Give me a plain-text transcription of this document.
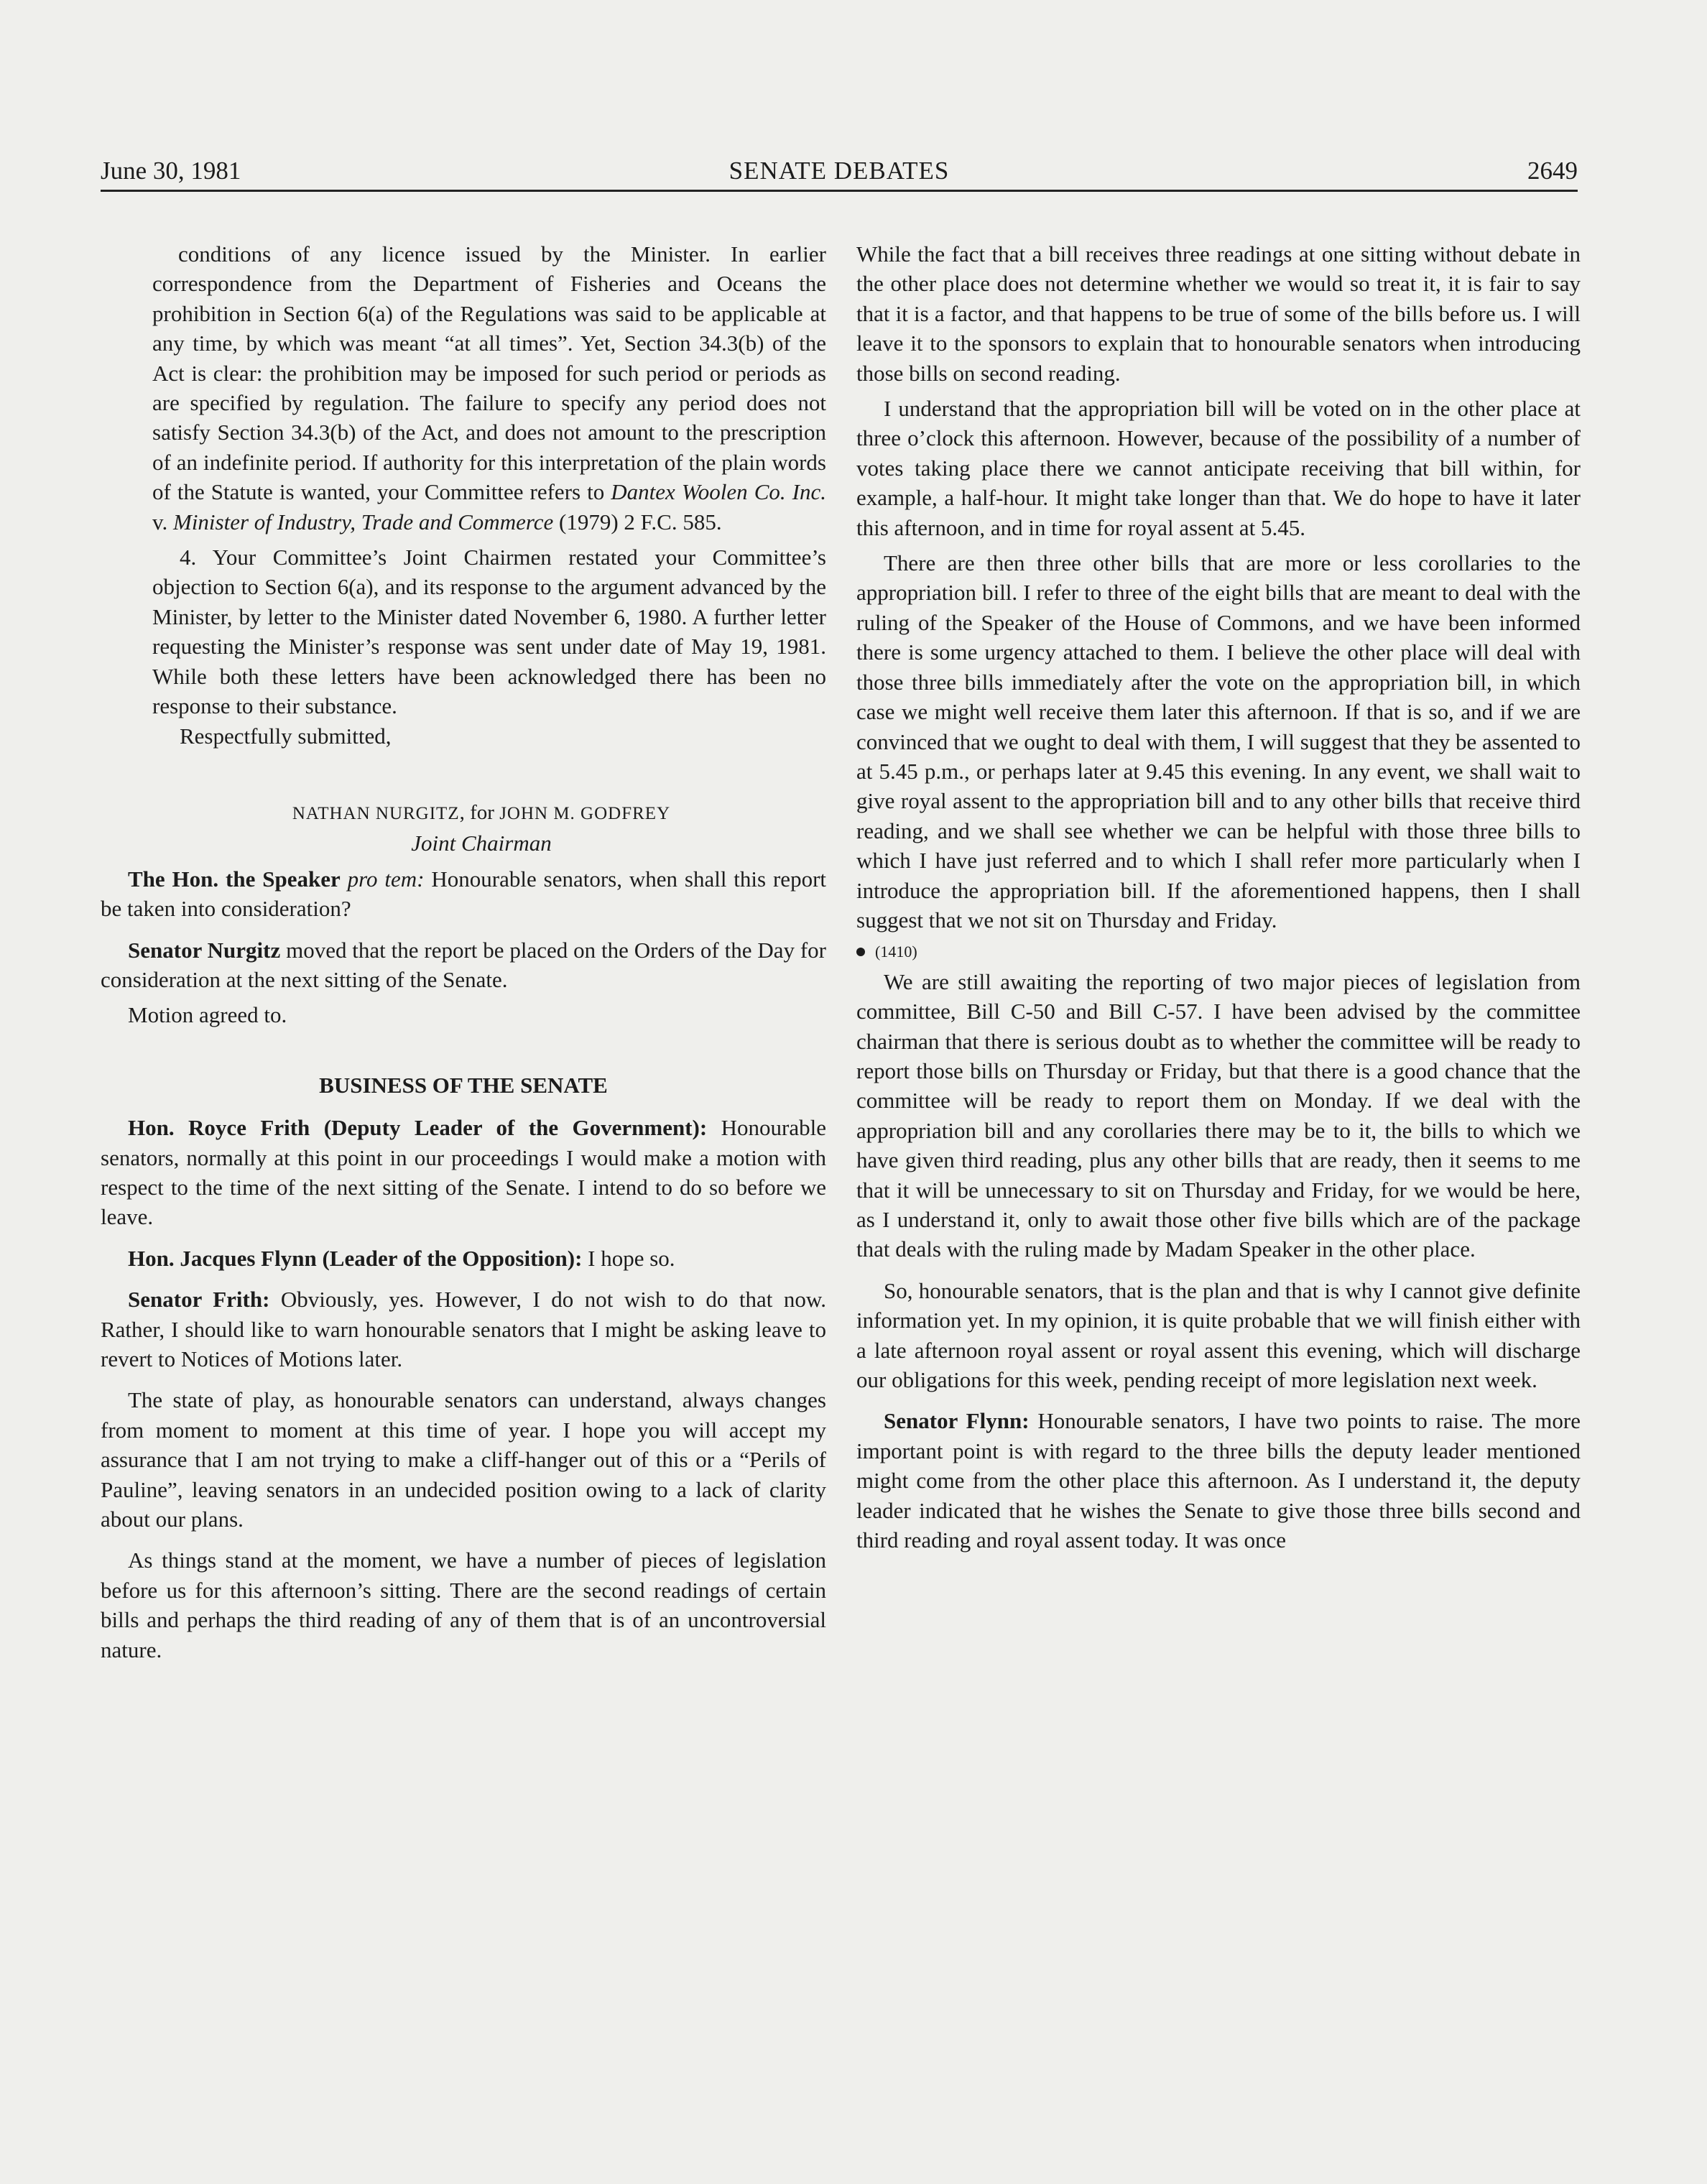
June 30, 1981	SENATE DEBATES	2649

conditions of any licence issued by the Minister. In earlier correspondence from the Department of Fisheries and Oceans the prohibition in Section 6(a) of the Regulations was said to be applicable at any time, by which was meant “at all times”. Yet, Section 34.3(b) of the Act is clear: the prohibition may be imposed for such period or periods as are specified by regulation. The failure to specify any period does not satisfy Section 34.3(b) of the Act, and does not amount to the prescription of an indefinite period. If authority for this interpretation of the plain words of the Statute is wanted, your Committee refers to Dantex Woolen Co. Inc. v. Minister of Industry, Trade and Commerce (1979) 2 F.C. 585.

4. Your Committee’s Joint Chairmen restated your Committee’s objection to Section 6(a), and its response to the argument advanced by the Minister, by letter to the Minister dated November 6, 1980. A further letter requesting the Minister’s response was sent under date of May 19, 1981. While both these letters have been acknowledged there has been no response to their substance.

Respectfully submitted,

NATHAN NURGITZ, for JOHN M. GODFREY
Joint Chairman

The Hon. the Speaker pro tem: Honourable senators, when shall this report be taken into consideration?

Senator Nurgitz moved that the report be placed on the Orders of the Day for consideration at the next sitting of the Senate.

Motion agreed to.

BUSINESS OF THE SENATE

Hon. Royce Frith (Deputy Leader of the Government): Honourable senators, normally at this point in our proceedings I would make a motion with respect to the time of the next sitting of the Senate. I intend to do so before we leave.

Hon. Jacques Flynn (Leader of the Opposition): I hope so.

Senator Frith: Obviously, yes. However, I do not wish to do that now. Rather, I should like to warn honourable senators that I might be asking leave to revert to Notices of Motions later.

The state of play, as honourable senators can understand, always changes from moment to moment at this time of year. I hope you will accept my assurance that I am not trying to make a cliff-hanger out of this or a “Perils of Pauline”, leaving senators in an undecided position owing to a lack of clarity about our plans.

As things stand at the moment, we have a number of pieces of legislation before us for this afternoon’s sitting. There are the second readings of certain bills and perhaps the third reading of any of them that is of an uncontroversial nature.

While the fact that a bill receives three readings at one sitting without debate in the other place does not determine whether we would so treat it, it is fair to say that it is a factor, and that happens to be true of some of the bills before us. I will leave it to the sponsors to explain that to honourable senators when introducing those bills on second reading.

I understand that the appropriation bill will be voted on in the other place at three o’clock this afternoon. However, because of the possibility of a number of votes taking place there we cannot anticipate receiving that bill within, for example, a half-hour. It might take longer than that. We do hope to have it later this afternoon, and in time for royal assent at 5.45.

There are then three other bills that are more or less corollaries to the appropriation bill. I refer to three of the eight bills that are meant to deal with the ruling of the Speaker of the House of Commons, and we have been informed there is some urgency attached to them. I believe the other place will deal with those three bills immediately after the vote on the appropriation bill, in which case we might well receive them later this afternoon. If that is so, and if we are convinced that we ought to deal with them, I will suggest that they be assented to at 5.45 p.m., or perhaps later at 9.45 this evening. In any event, we shall wait to give royal assent to the appropriation bill and to any other bills that receive third reading, and we shall see whether we can be helpful with those three bills to which I have just referred and to which I shall refer more particularly when I introduce the appropriation bill. If the aforementioned happens, then I shall suggest that we not sit on Thursday and Friday.

(1410)

We are still awaiting the reporting of two major pieces of legislation from committee, Bill C-50 and Bill C-57. I have been advised by the committee chairman that there is serious doubt as to whether the committee will be ready to report those bills on Thursday or Friday, but that there is a good chance that the committee will be ready to report them on Monday. If we deal with the appropriation bill and any corollaries there may be to it, the bills to which we have given third reading, plus any other bills that are ready, then it seems to me that it will be unnecessary to sit on Thursday and Friday, for we would be here, as I understand it, only to await those other five bills which are of the package that deals with the ruling made by Madam Speaker in the other place.

So, honourable senators, that is the plan and that is why I cannot give definite information yet. In my opinion, it is quite probable that we will finish either with a late afternoon royal assent or royal assent this evening, which will discharge our obligations for this week, pending receipt of more legislation next week.

Senator Flynn: Honourable senators, I have two points to raise. The more important point is with regard to the three bills the deputy leader mentioned might come from the other place this afternoon. As I understand it, the deputy leader indicated that he wishes the Senate to give those three bills second and third reading and royal assent today. It was once
